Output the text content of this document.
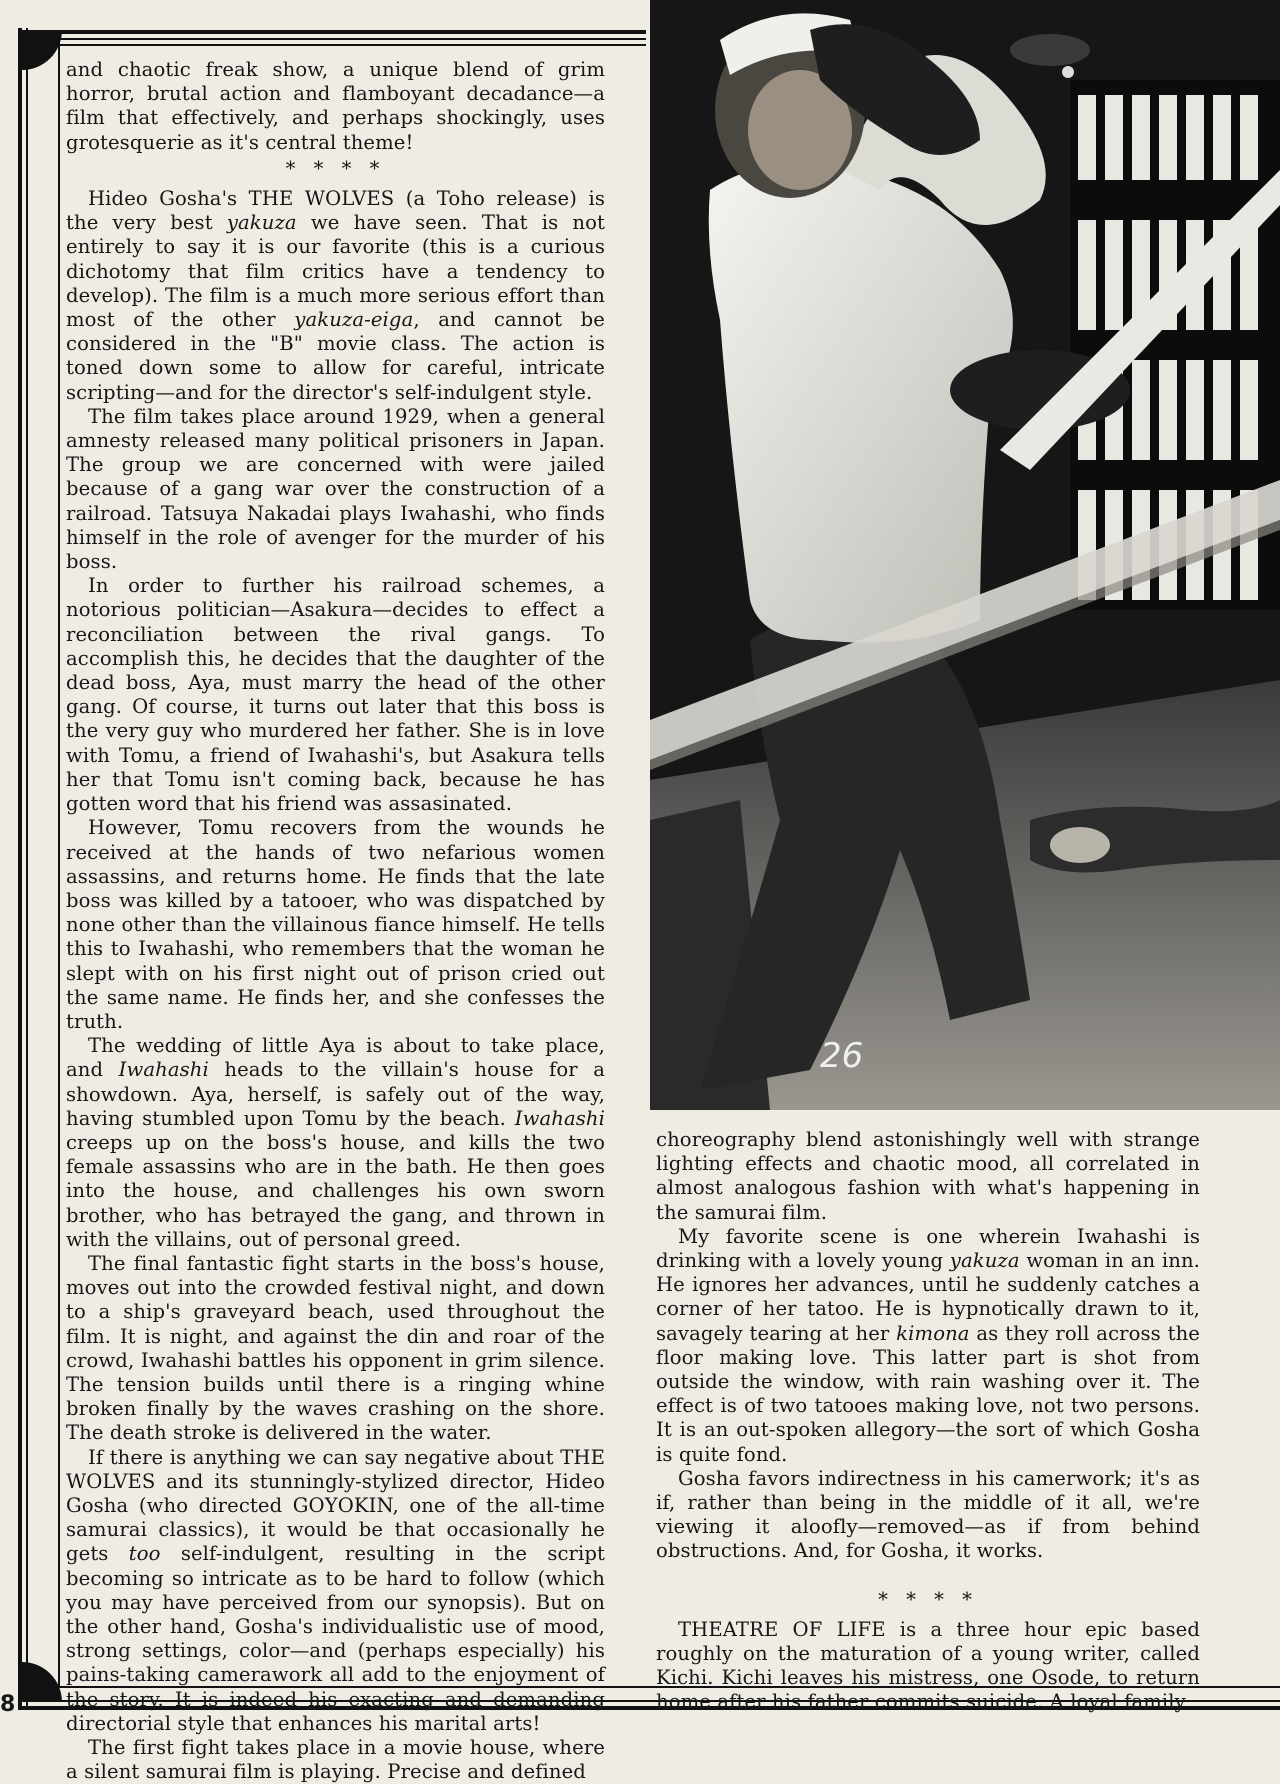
and chaotic freak show, a unique blend of grim horror, brutal action and flamboyant decadance—a film that effectively, and perhaps shockingly, uses grotesquerie as it's central theme!

* * * *

Hideo Gosha's THE WOLVES (a Toho release) is the very best yakuza we have seen. That is not entirely to say it is our favorite (this is a curious dichotomy that film critics have a tendency to develop). The film is a much more serious effort than most of the other yakuza-eiga, and cannot be considered in the "B" movie class. The action is toned down some to allow for careful, intricate scripting—and for the director's self-indulgent style.

The film takes place around 1929, when a general amnesty released many political prisoners in Japan. The group we are concerned with were jailed because of a gang war over the construction of a railroad. Tatsuya Nakadai plays Iwahashi, who finds himself in the role of avenger for the murder of his boss.

In order to further his railroad schemes, a notorious politician—Asakura—decides to effect a reconciliation between the rival gangs. To accomplish this, he decides that the daughter of the dead boss, Aya, must marry the head of the other gang. Of course, it turns out later that this boss is the very guy who murdered her father. She is in love with Tomu, a friend of Iwahashi's, but Asakura tells her that Tomu isn't coming back, because he has gotten word that his friend was assasinated.

However, Tomu recovers from the wounds he received at the hands of two nefarious women assassins, and returns home. He finds that the late boss was killed by a tatooer, who was dispatched by none other than the villainous fiance himself. He tells this to Iwahashi, who remembers that the woman he slept with on his first night out of prison cried out the same name. He finds her, and she confesses the truth.

The wedding of little Aya is about to take place, and Iwahashi heads to the villain's house for a showdown. Aya, herself, is safely out of the way, having stumbled upon Tomu by the beach. Iwahashi creeps up on the boss's house, and kills the two female assassins who are in the bath. He then goes into the house, and challenges his own sworn brother, who has betrayed the gang, and thrown in with the villains, out of personal greed.

The final fantastic fight starts in the boss's house, moves out into the crowded festival night, and down to a ship's graveyard beach, used throughout the film. It is night, and against the din and roar of the crowd, Iwahashi battles his opponent in grim silence. The tension builds until there is a ringing whine broken finally by the waves crashing on the shore. The death stroke is delivered in the water.

If there is anything we can say negative about THE WOLVES and its stunningly-stylized director, Hideo Gosha (who directed GOYOKIN, one of the all-time samurai classics), it would be that occasionally he gets too self-indulgent, resulting in the script becoming so intricate as to be hard to follow (which you may have perceived from our synopsis). But on the other hand, Gosha's individualistic use of mood, strong settings, color—and (perhaps especially) his pains-taking camerawork all add to the enjoyment of the story. It is indeed his exacting and demanding directorial style that enhances his marital arts!

The first fight takes place in a movie house, where a silent samurai film is playing. Precise and defined

26

choreography blend astonishingly well with strange lighting effects and chaotic mood, all correlated in almost analogous fashion with what's happening in the samurai film.

My favorite scene is one wherein Iwahashi is drinking with a lovely young yakuza woman in an inn. He ignores her advances, until he suddenly catches a corner of her tatoo. He is hypnotically drawn to it, savagely tearing at her kimona as they roll across the floor making love. This latter part is shot from outside the window, with rain washing over it. The effect is of two tatooes making love, not two persons. It is an out-spoken allegory—the sort of which Gosha is quite fond.

Gosha favors indirectness in his camerwork; it's as if, rather than being in the middle of it all, we're viewing it aloofly—removed—as if from behind obstructions. And, for Gosha, it works.

* * * *

THEATRE OF LIFE is a three hour epic based roughly on the maturation of a young writer, called Kichi. Kichi leaves his mistress, one Osode, to return home after his father commits suicide. A loyal family

8
